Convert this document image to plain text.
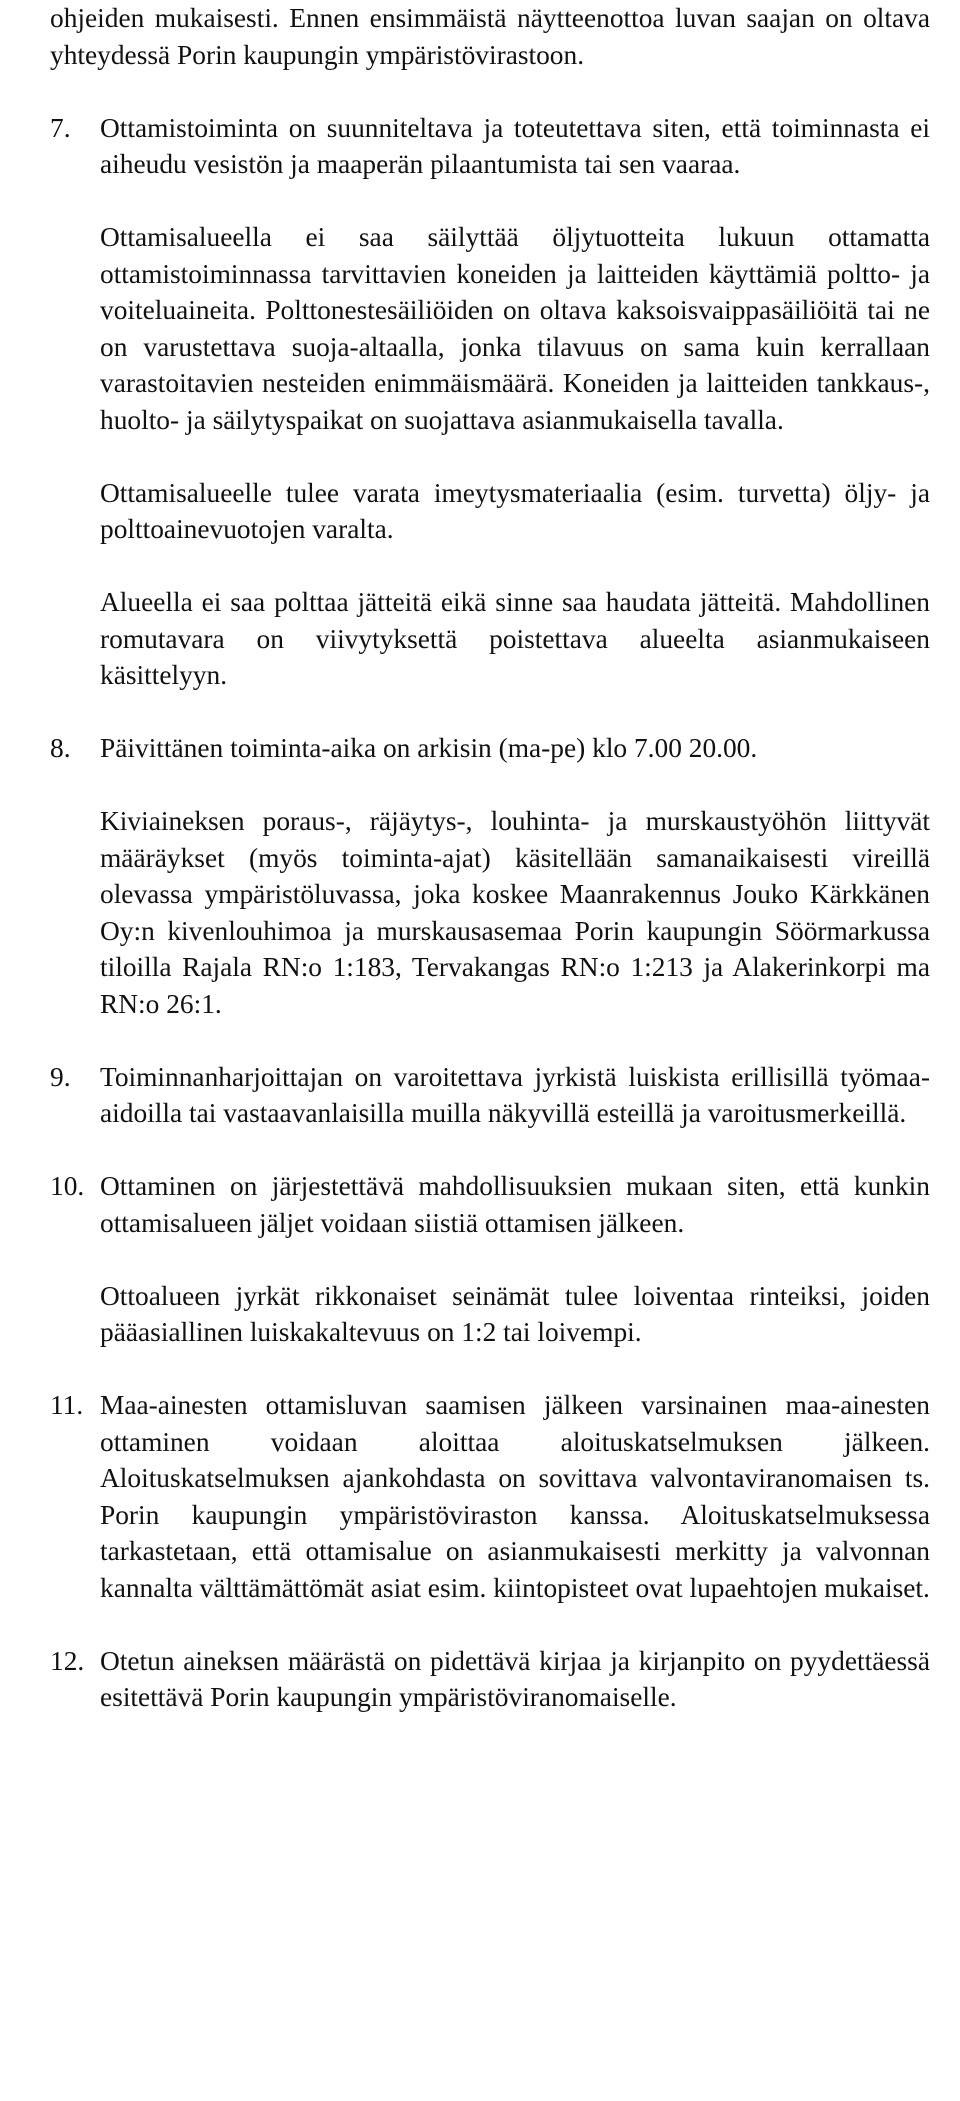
ohjeiden mukaisesti. Ennen ensimmäistä näytteenottoa luvan saajan on oltava yhteydessä Porin kaupungin ympäristövirastoon.

7. Ottamistoiminta on suunniteltava ja toteutettava siten, että toiminnasta ei aiheudu vesistön ja maaperän pilaantumista tai sen vaaraa.

Ottamisalueella ei saa säilyttää öljytuotteita lukuun ottamatta ottamistoiminnassa tarvittavien koneiden ja laitteiden käyttämiä poltto- ja voiteluaineita. Polttonestesäiliöiden on oltava kaksoisvaippasäiliöitä tai ne on varustettava suoja-altaalla, jonka tilavuus on sama kuin kerrallaan varastoitavien nesteiden enimmäismäärä. Koneiden ja laitteiden tankkaus-, huolto- ja säilytyspaikat on suojattava asianmukaisella tavalla.

Ottamisalueelle tulee varata imeytysmateriaalia (esim. turvetta) öljy- ja polttoainevuotojen varalta.

Alueella ei saa polttaa jätteitä eikä sinne saa haudata jätteitä. Mahdollinen romutavara on viivytyksettä poistettava alueelta asianmukaiseen käsittelyyn.

8. Päivittänen toiminta-aika on arkisin (ma-pe) klo 7.00 20.00.

Kiviaineksen poraus-, räjäytys-, louhinta- ja murskaustyöhön liittyvät määräykset (myös toiminta-ajat) käsitellään samanaikaisesti vireillä olevassa ympäristöluvassa, joka koskee Maanrakennus Jouko Kärkkänen Oy:n kivenlouhimoa ja murskausasemaa Porin kaupungin Söörmarkussa tiloilla Rajala RN:o 1:183, Tervakangas RN:o 1:213 ja Alakerinkorpi ma RN:o 26:1.

9. Toiminnanharjoittajan on varoitettava jyrkistä luiskista erillisillä työmaa-aidoilla tai vastaavanlaisilla muilla näkyvillä esteillä ja varoitusmerkeillä.
10. Ottaminen on järjestettävä mahdollisuuksien mukaan siten, että kunkin ottamisalueen jäljet voidaan siistiä ottamisen jälkeen.

Ottoalueen jyrkät rikkonaiset seinämät tulee loiventaa rinteiksi, joiden pääasiallinen luiskakaltevuus on 1:2 tai loivempi.

11. Maa-ainesten ottamisluvan saamisen jälkeen varsinainen maa-ainesten ottaminen voidaan aloittaa aloituskatselmuksen jälkeen. Aloituskatselmuksen ajankohdasta on sovittava valvontaviranomaisen ts. Porin kaupungin ympäristöviraston kanssa. Aloituskatselmuksessa tarkastetaan, että ottamisalue on asianmukaisesti merkitty ja valvonnan kannalta välttämättömät asiat esim. kiintopisteet ovat lupaehtojen mukaiset.
12. Otetun aineksen määrästä on pidettävä kirjaa ja kirjanpito on pyydettäessä esitettävä Porin kaupungin ympäristöviranomaiselle.
